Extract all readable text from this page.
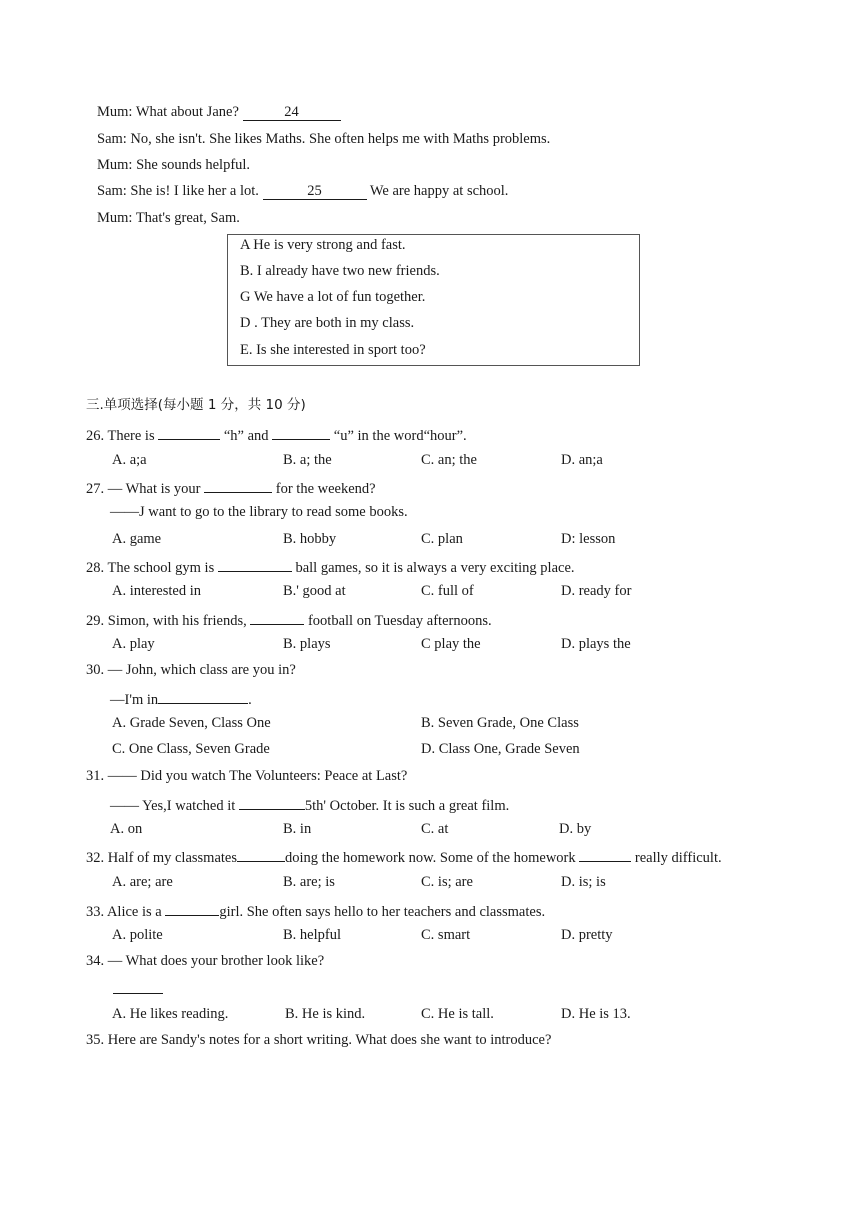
Mum: What about Jane?	24
Sam: No, she isn't. She likes Maths. She often helps me with Maths problems.
Mum: She sounds helpful.
Sam: She is! I like her a lot.	25	We are happy at school.
Mum: That's great, Sam.
A He is very strong and fast.
B. I already have two new friends.
G We have a lot of fun together.
D . They are both in my class.
E. Is she interested in sport too?
三.单项选择(每小题 1 分，共 10 分)
26. There is	“h” and	“u” in the word“hour”.
A. a;a	B. a; the	C. an; the	D. an;a
27. — What is your	for the weekend?
——J want to go to the library to read some books.
A. game	B. hobby	C. plan	D: lesson
28. The school gym is	ball games, so it is always a very exciting place.
A. interested in	B.' good at	C. full of	D. ready for
29. Simon, with his friends,	football on Tuesday afternoons.
A. play	B. plays	C play the	D. plays the
30. — John, which class are you in?
—I'm in	.
A. Grade Seven, Class One	B. Seven Grade, One Class
C. One Class, Seven Grade	D. Class One, Grade Seven
31. —— Did you watch The Volunteers: Peace at Last?
—— Yes,I watched it	5th' October. It is such a great film.
A. on	B. in	C. at	D. by
32. Half of my classmates	doing the homework now. Some of the homework	really difficult.
A. are; are	B. are; is	C. is; are	D. is; is
33. Alice is a	girl. She often says hello to her teachers and classmates.
A. polite	B. helpful	C. smart	D. pretty
34. — What does your brother look like?
A. He likes reading.	B. He is kind.	C. He is tall.	D. He is 13.
35. Here are Sandy's notes for a short writing. What does she want to introduce?
